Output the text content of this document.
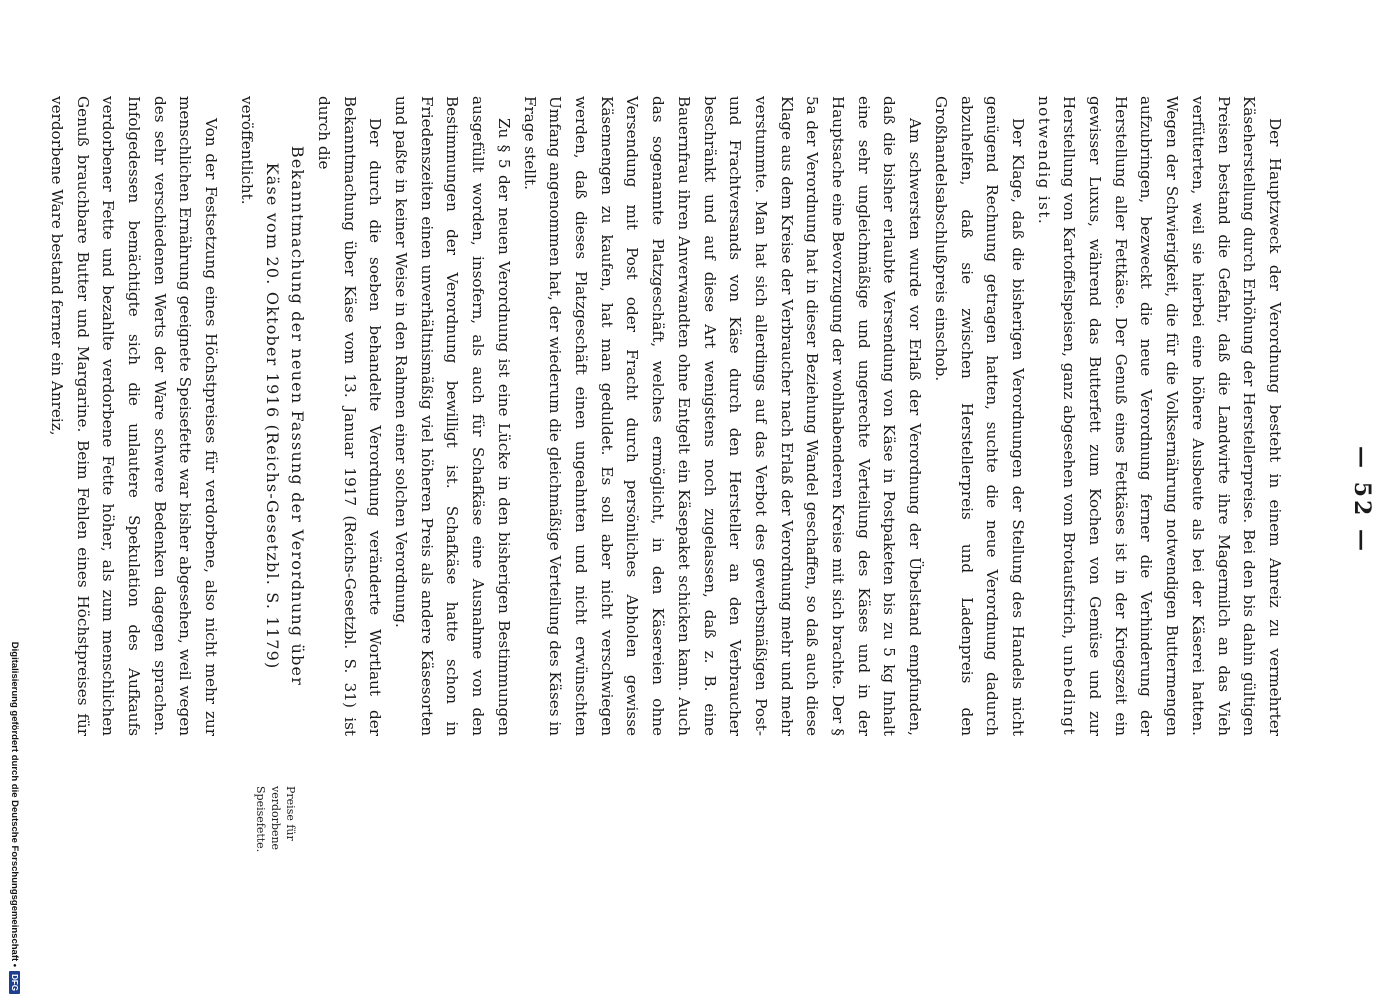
— 52 —

Der Hauptzweck der Verordnung besteht in einem Anreiz zu vermehrter Käseherstellung durch Erhöhung der Herstellerpreise. Bei den bis dahin gültigen Preisen bestand die Gefahr, daß die Landwirte ihre Magermilch an das Vieh verfütterten, weil sie hierbei eine höhere Ausbeute als bei der Käserei hatten. Wegen der Schwierigkeit, die für die Volksernährung notwendigen Buttermengen aufzubringen, bezweckt die neue Verordnung ferner die Verhinderung der Herstellung aller Fettkäse. Der Genuß eines Fettkäses ist in der Kriegszeit ein gewisser Luxus, während das Butterfett zum Kochen von Gemüse und zur Herstellung von Kartoffelspeisen, ganz abgesehen vom Brotaufstrich, unbedingt notwendig ist.

Der Klage, daß die bisherigen Verordnungen der Stellung des Handels nicht genügend Rechnung getragen hatten, suchte die neue Verordnung dadurch abzuhelfen, daß sie zwischen Herstellerpreis und Ladenpreis den Großhandelsabschlußpreis einschob.

Am schwersten wurde vor Erlaß der Verordnung der Übelstand empfunden, daß die bisher erlaubte Versendung von Käse in Postpaketen bis zu 5 kg Inhalt eine sehr ungleichmäßige und ungerechte Verteilung des Käses und in der Hauptsache eine Bevorzugung der wohlhabenderen Kreise mit sich brachte. Der § 5a der Verordnung hat in dieser Beziehung Wandel geschaffen, so daß auch diese Klage aus dem Kreise der Verbraucher nach Erlaß der Verordnung mehr und mehr verstummte. Man hat sich allerdings auf das Verbot des gewerbsmäßigen Post- und Frachtversands von Käse durch den Hersteller an den Verbraucher beschränkt und auf diese Art wenigstens noch zugelassen, daß z. B. eine Bauernfrau ihren Anverwandten ohne Entgelt ein Käsepaket schicken kann. Auch das sogenannte Platzgeschäft, welches ermöglicht, in den Käsereien ohne Versendung mit Post oder Fracht durch persönliches Abholen gewisse Käsemengen zu kaufen, hat man geduldet. Es soll aber nicht verschwiegen werden, daß dieses Platzgeschäft einen ungeahnten und nicht erwünschten Umfang angenommen hat, der wiederum die gleichmäßige Verteilung des Käses in Frage stellt.

Zu § 5 der neuen Verordnung ist eine Lücke in den bisherigen Bestimmungen ausgefüllt worden, insofern, als auch für Schafkäse eine Ausnahme von den Bestimmungen der Verordnung bewilligt ist. Schafkäse hatte schon in Friedenszeiten einen unverhältnismäßig viel höheren Preis als andere Käsesorten und paßte in keiner Weise in den Rahmen einer solchen Verordnung.

Der durch die soeben behandelte Verordnung veränderte Wortlaut der Bekanntmachung über Käse vom 13. Januar 1917 (Reichs-Gesetzbl. S. 31) ist durch die

Bekanntmachung der neuen Fassung der Verordnung über Käse vom 20. Oktober 1916 (Reichs-Gesetzbl. S. 1179)

veröffentlicht.

Von der Festsetzung eines Höchstpreises für verdorbene, also nicht mehr zur menschlichen Ernährung geeignete Speisefette war bisher abgesehen, weil wegen des sehr verschiedenen Werts der Ware schwere Bedenken dagegen sprachen. Infolgedessen bemächtigte sich die unlautere Spekulation des Aufkaufs verdorbener Fette und bezahlte verdorbene Fette höher, als zum menschlichen Genuß brauchbare Butter und Margarine. Beim Fehlen eines Höchstpreises für verdorbene Ware bestand ferner ein Anreiz,

Preise für verdorbene Speisefette.
Digitalisierung gefördert durch die Deutsche Forschungsgemeinschaft •
DFG
